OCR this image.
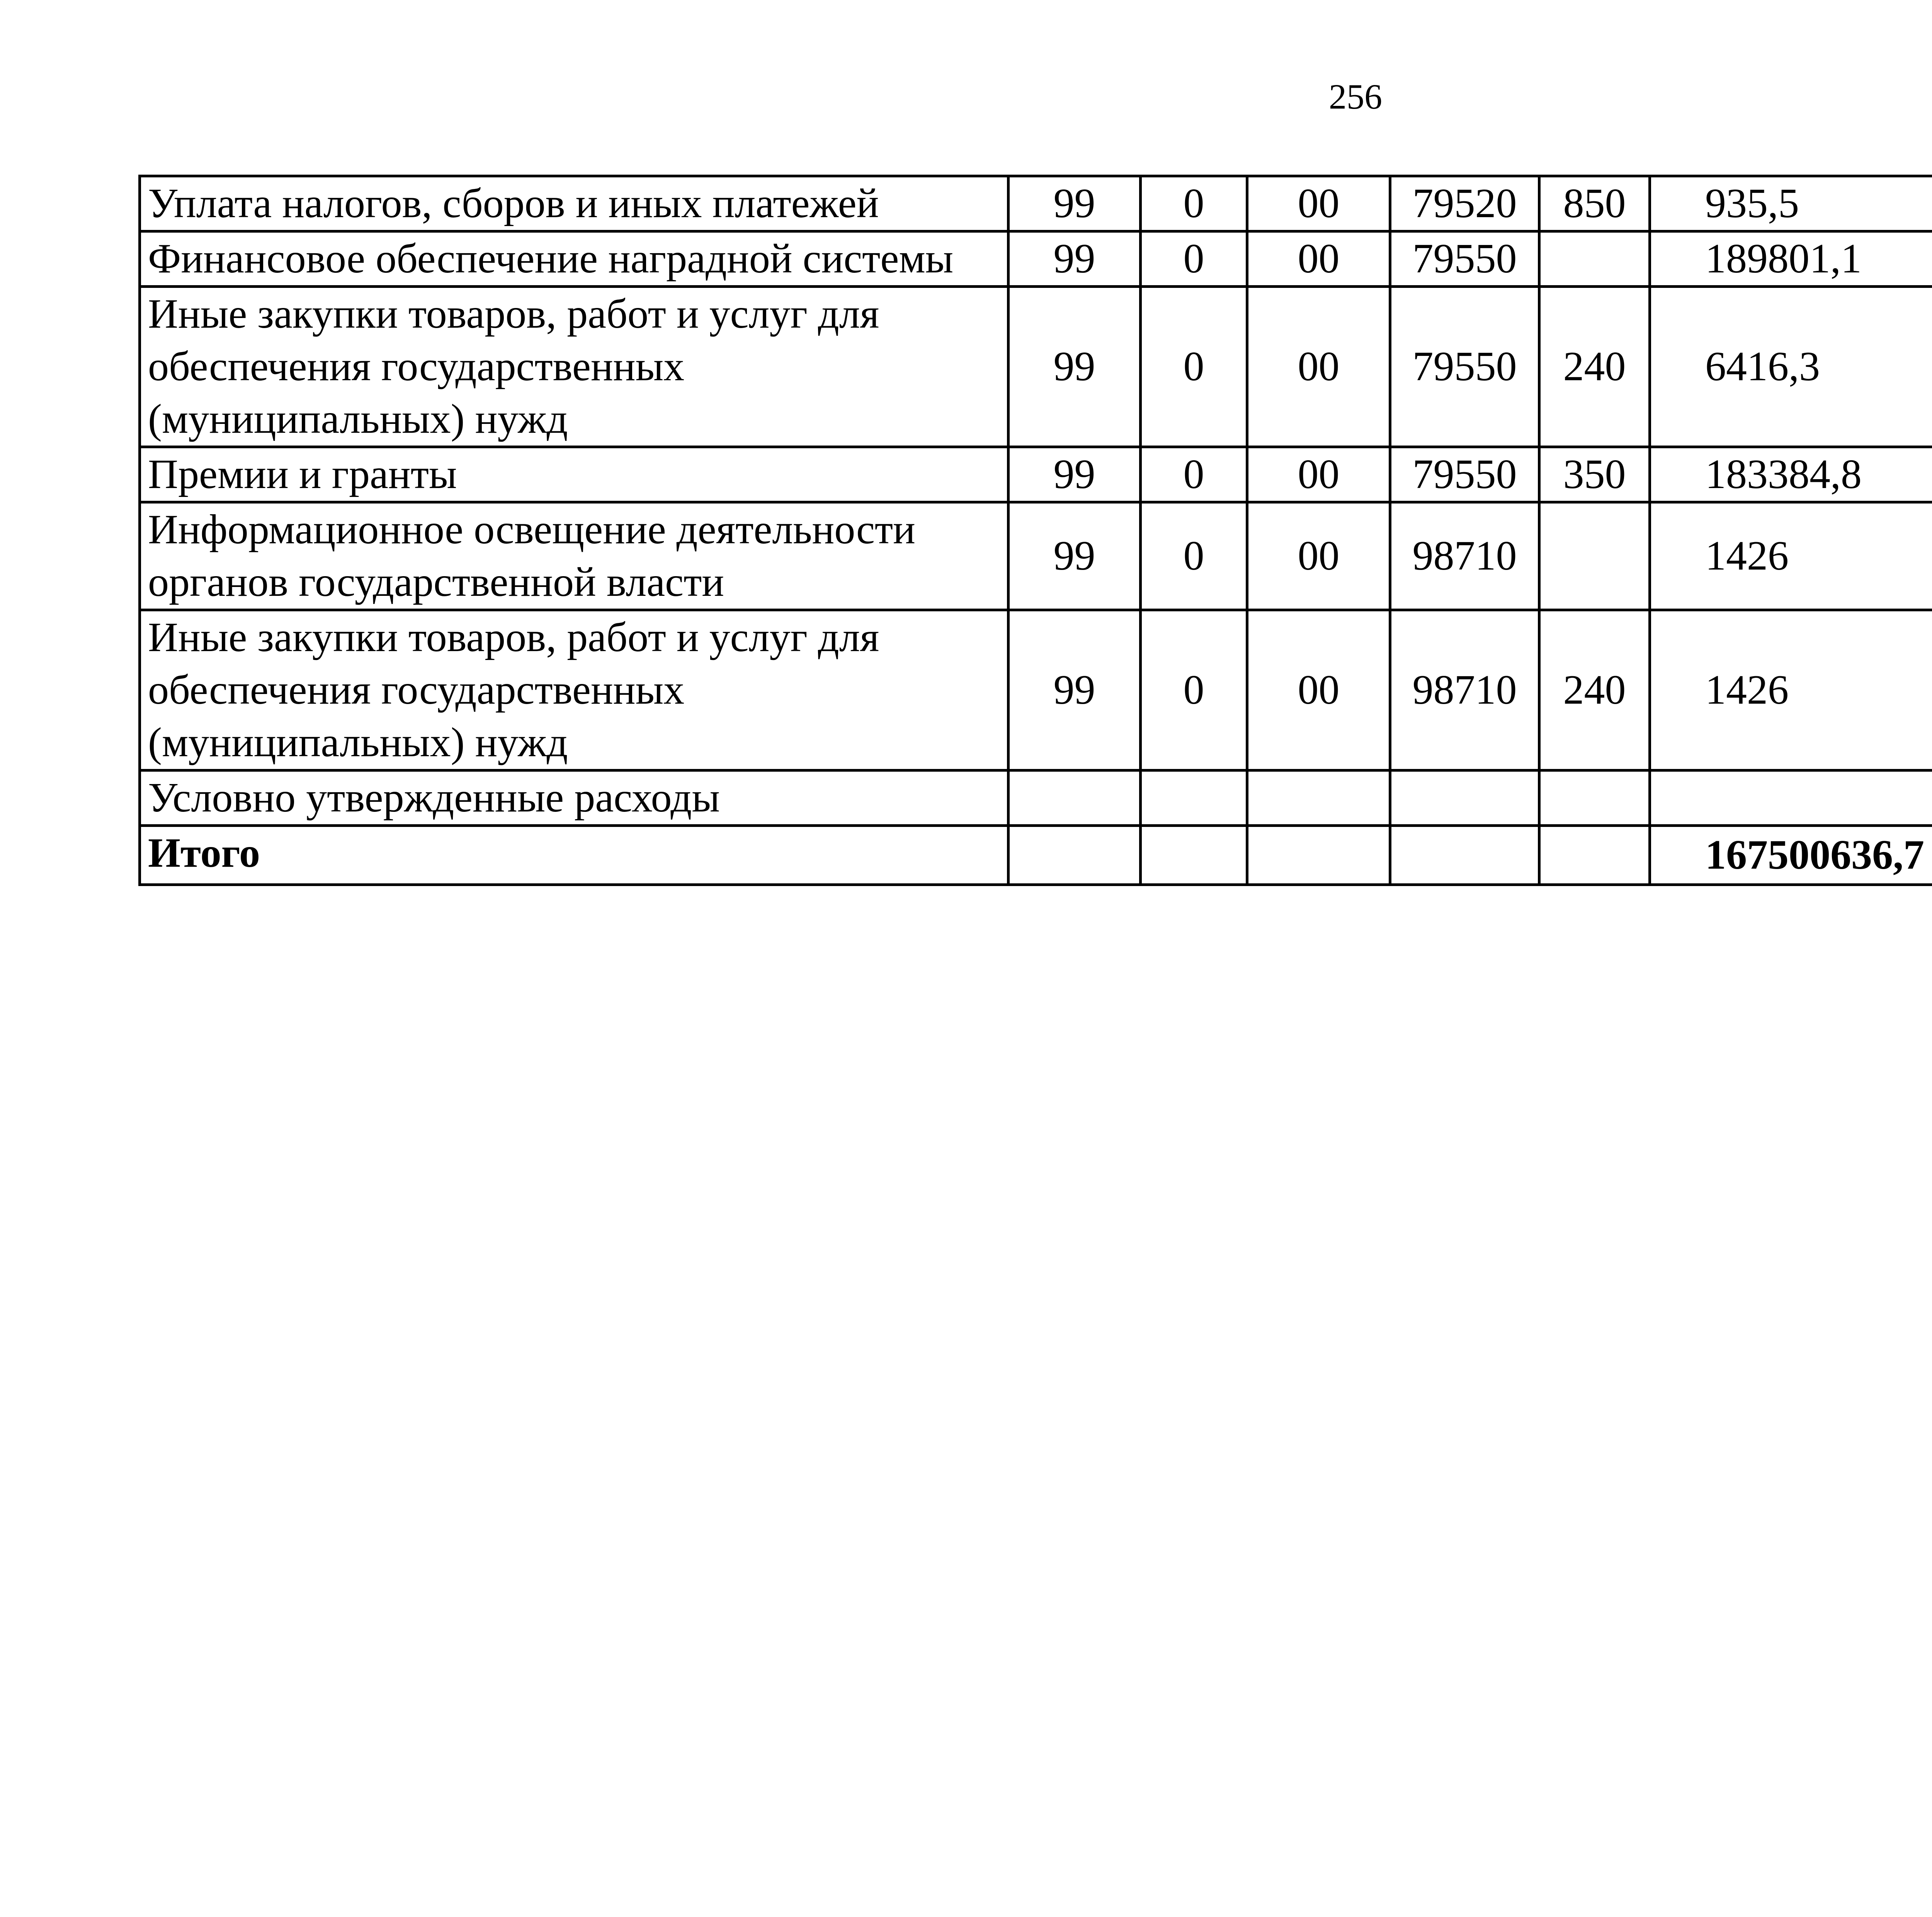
256
Уплата налогов, сборов и иных платежей	99	0	00	79520	850	935,5		
Финансовое обеспечение наградной системы	99	0	00	79550		189801,1		
Иные закупки товаров, работ и услуг для обеспечения государственных (муниципальных) нужд	99	0	00	79550	240	6416,3		
Премии и гранты	99	0	00	79550	350	183384,8		
Информационное освещение деятельности органов государственной власти	99	0	00	98710		1426		
Иные закупки товаров, работ и услуг для обеспечения государственных (муниципальных) нужд	99	0	00	98710	240	1426		
Условно утвержденные расходы								
Итого						167500636,7		
